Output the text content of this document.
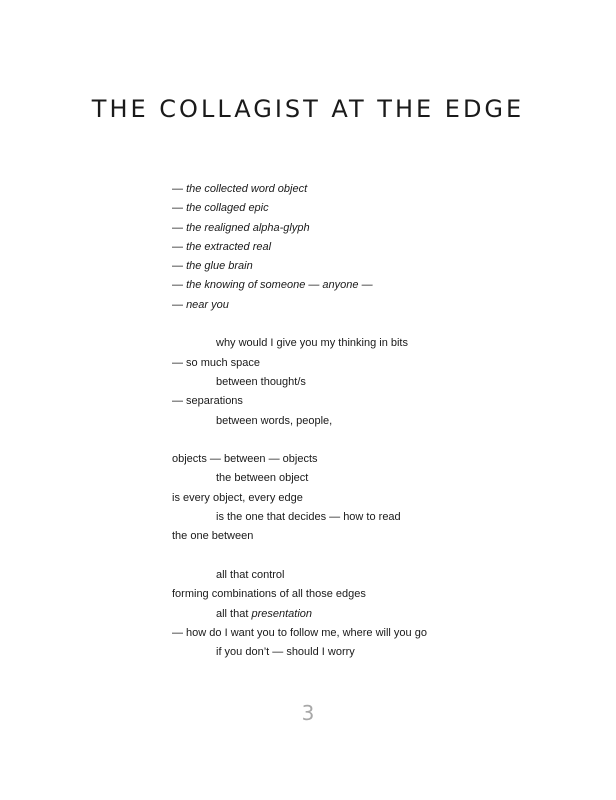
THE COLLAGIST AT THE EDGE
— the collected word object
— the collaged epic
— the realigned alpha-glyph
— the extracted real
— the glue brain
— the knowing of someone — anyone —
— near you
why would I give you my thinking in bits
— so much space
between thought/s
— separations
between words, people,
objects — between — objects
the between object
is every object, every edge
is the one that decides — how to read
the one between
all that control
forming combinations of all those edges
all that presentation
— how do I want you to follow me, where will you go
if you don’t — should I worry
3
